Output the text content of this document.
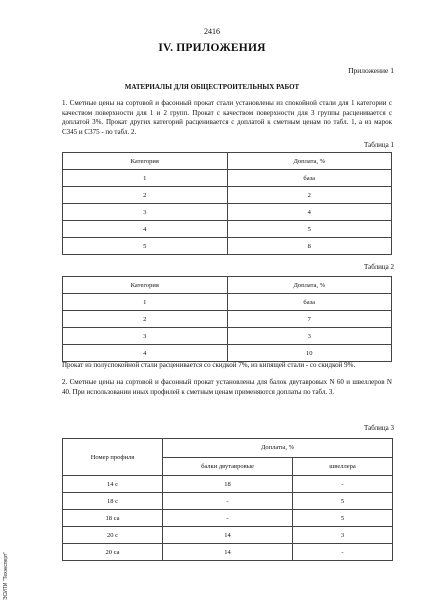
2416
IV. ПРИЛОЖЕНИЯ
Приложение 1
МАТЕРИАЛЫ ДЛЯ ОБЩЕСТРОИТЕЛЬНЫХ РАБОТ
1. Сметные цены на сортовой и фасонный прокат стали установлены из спокойной стали для 1 категории с качеством поверхности для 1 и 2 групп. Прокат с качеством поверхности для 3 группы расценивается с доплатой 3%. Прокат других категорий расценивается с доплатой к сметным ценам по табл. 1, а из марок С345 и С375 - по табл. 2.
Таблица 1
Категория	Доплата, %
1	база
2	2
3	4
4	5
5	8
Таблица 2
Категория	Доплата, %
1	база
2	7
3	3
4	10
Прокат из полуспокойной стали расценивается со скидкой 7%, из кипящей стали - со скидкой 9%.
2. Сметные цены на сортовой и фасонный прокат установлены для балок двутавровых N 60 и швеллеров N 40. При использовании иных профилей к сметным ценам применяются доплаты по табл. 3.
Таблица 3
Номер профиля	Доплаты, %	
	балки двутавровые	швеллера
14 с	18	-
18 с	-	5
18 са	-	5
20 с	14	3
20 са	14	-
ЭСИТИ "Техэксперт"
